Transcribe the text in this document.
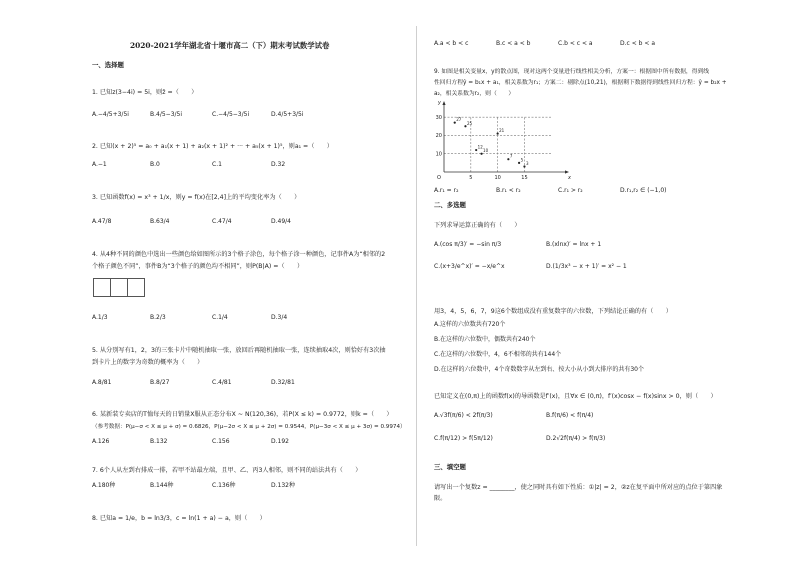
2020-2021学年湖北省十堰市高二（下）期末考试数学试卷
一、选择题
1. 已知z(3−4i) = 5i，则z̄ =（　　）
A.−4/5+3/5i	B.4/5−3/5i	C.−4/5−3/5i	D.4/5+3/5i
2. 已知(x + 2)⁵ = a₀ + a₁(x + 1) + a₂(x + 1)² + ··· + a₅(x + 1)⁵，则a₁ =（　　）
A.−1	B.0	C.1	D.32
3. 已知函数f(x) = x³ + 1/x，则y = f(x)在[2,4]上的平均变化率为（　　）
A.47/8	B.63/4	C.47/4	D.49/4
4. 从4种不同的颜色中选出一些颜色给如图所示的3个格子涂色，每个格子涂一种颜色，记事件A为“相邻的2
个格子颜色不同”，事件B为“3个格子的颜色均不相同”，则P(B|A) =（　　）
A.1/3	B.2/3	C.1/4	D.3/4
5. 从分别写有1，2，3的三张卡片中随机抽取一张，放回后再随机抽取一张，连续抽取4次，则恰好有3次抽
到卡片上的数字为奇数的概率为（　　）
A.8/81	B.8/27	C.4/81	D.32/81
6. 某新装专卖店的T恤每天的日销量X服从正态分布X ~ N(120,36)，若P(X ≤ k) = 0.9772，则k =（　　）
（参考数据：P(μ−σ < X ≤ μ + σ) = 0.6826，P(μ−2σ < X ≤ μ + 2σ) = 0.9544，P(μ−3σ < X ≤ μ + 3σ) = 0.9974）
A.126	B.132	C.156	D.192
7. 6个人从左到右排成一排，若甲不站最左端，且甲、乙、丙3人相邻，则不同的站法共有（　　）
A.180种	B.144种	C.136种	D.132种
8. 已知a = 1/e，b = ln3/3，c = ln(1 + a) − a，则（　　）
A.a < b < c	B.c < a < b	C.b < c < a	D.c < b < a
9. 如图是相关变量x，y的散点图，现对这两个变量进行线性相关分析，方案一：根据图中所有数据，得到线
性回归方程ŷ = b₁x + a₁，相关系数为r₁；方案二：剔除点(10,21)，根据剩下数据得到线性回归方程：ŷ = b₂x +
a₂，相关系数为r₂，则（　　）
5	10	15
10
20
30
O	x
y
27
25
21
12
10
7
5
3
A.r₁ = r₂	B.r₁ < r₂	C.r₁ > r₂	D.r₁,r₂ ∈ (−1,0)
二、多选题
下列求导运算正确的有（　　）
A.(cos π/3)′ = −sin π/3	B.(xlnx)′ = lnx + 1
C.(x+3/e^x)′ = −x/e^x	D.(1/3x³ − x + 1)′ = x² − 1
用3，4，5，6，7，9这6个数组成没有重复数字的六位数，下列结论正确的有（　　）
A.这样的六位数共有720个
B.在这样的六位数中，偶数共有240个
C.在这样的六位数中，4，6不相邻的共有144个
D.在这样的六位数中，4个奇数数字从左到右、按大小从小到大排序的共有30个
已知定义在(0,π)上的函数f(x)的导函数是f′(x)，且∀x ∈ (0,π)，f′(x)cosx − f(x)sinx > 0，则（　　）
A.√3f(π/6) < 2f(π/3)	B.f(π/6) < f(π/4)
C.f(π/12) > f(5π/12)	D.2√2f(π/4) > f(π/3)
三、填空题
请写出一个复数z = ________，使之同时具有如下性质：①|z| = 2，②z在复平面中所对应的点位于第四象
限。
